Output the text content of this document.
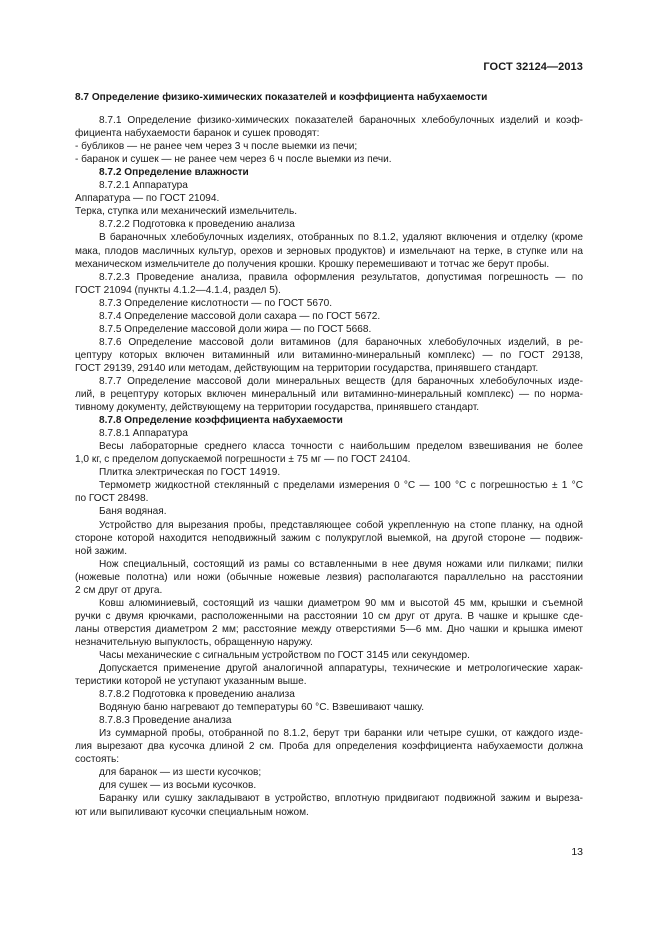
ГОСТ 32124—2013

8.7 Определение физико-химических показателей и коэффициента набухаемости

8.7.1 Определение физико-химических показателей бараночных хлебобулочных изделий и коэф-

фициента набухаемости баранок и сушек проводят:

- бубликов — не ранее чем через 3 ч после выемки из печи;

- баранок и сушек — не ранее чем через 6 ч после выемки из печи.

8.7.2 Определение влажности

8.7.2.1 Аппаратура

Аппаратура — по ГОСТ 21094.

Терка, ступка или механический измельчитель.

8.7.2.2 Подготовка к проведению анализа

В бараночных хлебобулочных изделиях, отобранных по 8.1.2, удаляют включения и отделку (кроме

мака, плодов масличных культур, орехов и зерновых продуктов) и измельчают на терке, в ступке или на

механическом измельчителе до получения крошки. Крошку перемешивают и тотчас же берут пробы.

8.7.2.3 Проведение анализа, правила оформления результатов, допустимая погрешность — по

ГОСТ 21094 (пункты 4.1.2—4.1.4, раздел 5).

8.7.3 Определение кислотности — по ГОСТ 5670.

8.7.4 Определение массовой доли сахара — по ГОСТ 5672.

8.7.5 Определение массовой доли жира — по ГОСТ 5668.

8.7.6 Определение массовой доли витаминов (для бараночных хлебобулочных изделий, в ре-

цептуру которых включен витаминный или витаминно-минеральный комплекс) — по ГОСТ 29138,

ГОСТ 29139, 29140 или методам, действующим на территории государства, принявшего стандарт.

8.7.7 Определение массовой доли минеральных веществ (для бараночных хлебобулочных изде-

лий, в рецептуру которых включен минеральный или витаминно-минеральный комплекс) — по норма-

тивному документу, действующему на территории государства, принявшего стандарт.

8.7.8 Определение коэффициента набухаемости

8.7.8.1 Аппаратура

Весы лабораторные среднего класса точности с наибольшим пределом взвешивания не более

1,0 кг, с пределом допускаемой погрешности ± 75 мг — по ГОСТ 24104.

Плитка электрическая по ГОСТ 14919.

Термометр жидкостной стеклянный с пределами измерения 0 °С — 100 °С с погрешностью ± 1 °С

по ГОСТ 28498.

Баня водяная.

Устройство для вырезания пробы, представляющее собой укрепленную на стопе планку, на одной

стороне которой находится неподвижный зажим с полукруглой выемкой, на другой стороне — подвиж-

ной зажим.

Нож специальный, состоящий из рамы со вставленными в нее двумя ножами или пилками; пилки

(ножевые полотна) или ножи (обычные ножевые лезвия) располагаются параллельно на расстоянии

2 см друг от друга.

Ковш алюминиевый, состоящий из чашки диаметром 90 мм и высотой 45 мм, крышки и съемной

ручки с двумя крючками, расположенными на расстоянии 10 см друг от друга. В чашке и крышке сде-

ланы отверстия диаметром 2 мм; расстояние между отверстиями 5—6 мм. Дно чашки и крышка имеют

незначительную выпуклость, обращенную наружу.

Часы механические с сигнальным устройством по ГОСТ 3145 или секундомер.

Допускается применение другой аналогичной аппаратуры, технические и метрологические харак-

теристики которой не уступают указанным выше.

8.7.8.2 Подготовка к проведению анализа

Водяную баню нагревают до температуры 60 °С. Взвешивают чашку.

8.7.8.3 Проведение анализа

Из суммарной пробы, отобранной по 8.1.2, берут три баранки или четыре сушки, от каждого изде-

лия вырезают два кусочка длиной 2 см. Проба для определения коэффициента набухаемости должна

состоять:

для баранок — из шести кусочков;

для сушек — из восьми кусочков.

Баранку или сушку закладывают в устройство, вплотную придвигают подвижной зажим и выреза-

ют или выпиливают кусочки специальным ножом.

13
